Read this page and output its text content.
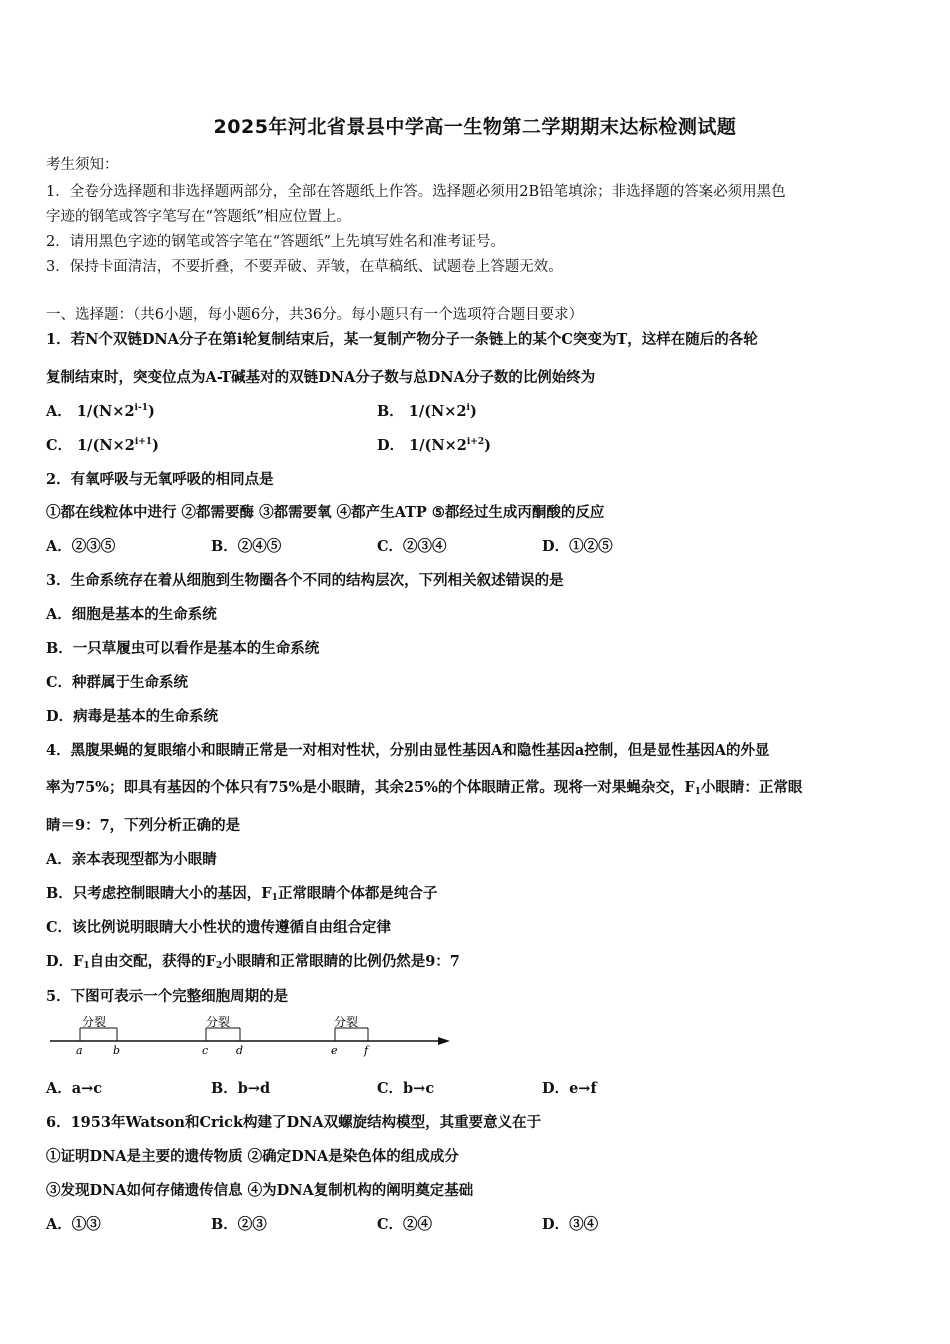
2025年河北省景县中学高一生物第二学期期末达标检测试题
考生须知：
1．全卷分选择题和非选择题两部分，全部在答题纸上作答。选择题必须用2B铅笔填涂；非选择题的答案必须用黑色
字迹的钢笔或答字笔写在“答题纸”相应位置上。
2．请用黑色字迹的钢笔或答字笔在“答题纸”上先填写姓名和准考证号。
3．保持卡面清洁，不要折叠，不要弄破、弄皱，在草稿纸、试题卷上答题无效。
一、选择题：（共6小题，每小题6分，共36分。每小题只有一个选项符合题目要求）
1．若N个双链DNA分子在第i轮复制结束后，某一复制产物分子一条链上的某个C突变为T，这样在随后的各轮
复制结束时，突变位点为A-T碱基对的双链DNA分子数与总DNA分子数的比例始终为
A． $1/(N\times 2^{i-1})$	B． $1/(N\times 2^i)$
C． $1/(N\times 2^{i+1})$	D． $1/(N\times 2^{i+2})$
2．有氧呼吸与无氧呼吸的相同点是
①都在线粒体中进行 ②都需要酶 ③都需要氧 ④都产生ATP ⑤都经过生成丙酮酸的反应
A．②③⑤	B．②④⑤	C．②③④	D．①②⑤
3．生命系统存在着从细胞到生物圈各个不同的结构层次，下列相关叙述错误的是
A．细胞是基本的生命系统
B．一只草履虫可以看作是基本的生命系统
C．种群属于生命系统
D．病毒是基本的生命系统
4．黑腹果蝇的复眼缩小和眼睛正常是一对相对性状，分别由显性基因A和隐性基因a控制，但是显性基因A的外显
率为75%；即具有基因的个体只有75%是小眼睛，其余25%的个体眼睛正常。现将一对果蝇杂交，$F_1$小眼睛：正常眼
睛＝9：7，下列分析正确的是
A．亲本表现型都为小眼睛
B．只考虑控制眼睛大小的基因，$F_1$正常眼睛个体都是纯合子
C．该比例说明眼睛大小性状的遗传遵循自由组合定律
D．$F_1$自由交配，获得的$F_2$小眼睛和正常眼睛的比例仍然是9：7
5．下图可表示一个完整细胞周期的是
分裂	分裂	分裂
a	b	c	d	e f
A．a→c	B．b→d	C．b→c	D．e→f
6．1953年Watson和Crick构建了DNA双螺旋结构模型，其重要意义在于
①证明DNA是主要的遗传物质 ②确定DNA是染色体的组成成分
③发现DNA如何存储遗传信息 ④为DNA复制机构的阐明奠定基础
A．①③	B．②③	C．②④	D．③④
